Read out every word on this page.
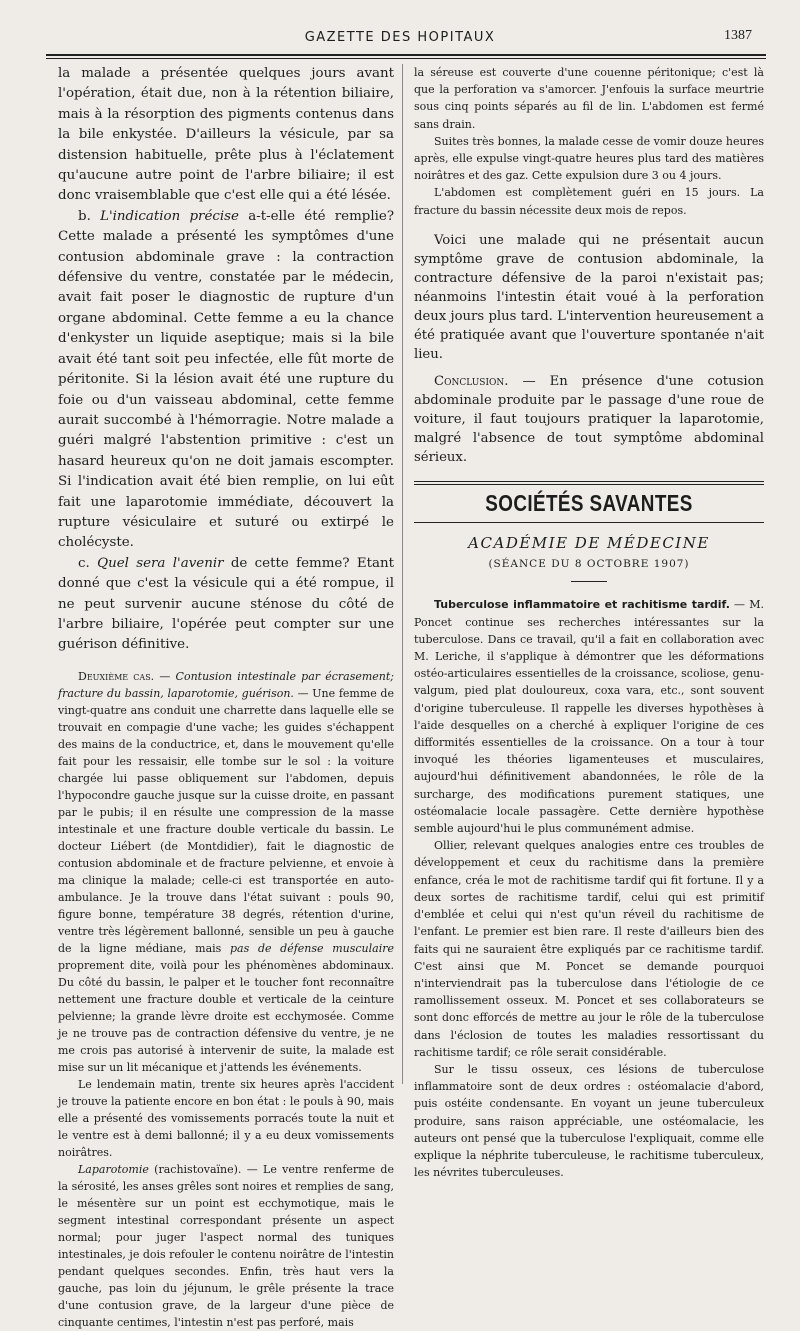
GAZETTE DES HOPITAUX	1387

la malade a présentée quelques jours avant l'opération, était due, non à la rétention biliaire, mais à la résorption des pigments contenus dans la bile enkystée. D'ailleurs la vésicule, par sa distension habituelle, prête plus à l'éclatement qu'aucune autre point de l'arbre biliaire; il est donc vraisemblable que c'est elle qui a été lésée.

b. L'indication précise a-t-elle été remplie? Cette malade a présenté les symptômes d'une contusion abdominale grave : la contraction défensive du ventre, constatée par le médecin, avait fait poser le diagnostic de rupture d'un organe abdominal. Cette femme a eu la chance d'enkyster un liquide aseptique; mais si la bile avait été tant soit peu infectée, elle fût morte de péritonite. Si la lésion avait été une rupture du foie ou d'un vaisseau abdominal, cette femme aurait succombé à l'hémorragie. Notre malade a guéri malgré l'abstention primitive : c'est un hasard heureux qu'on ne doit jamais escompter. Si l'indication avait été bien remplie, on lui eût fait une laparotomie immédiate, découvert la rupture vésiculaire et suturé ou extirpé le cholécyste.

c. Quel sera l'avenir de cette femme? Etant donné que c'est la vésicule qui a été rompue, il ne peut survenir aucune sténose du côté de l'arbre biliaire, l'opérée peut compter sur une guérison définitive.

Deuxième cas. — Contusion intestinale par écrasement; fracture du bassin, laparotomie, guérison. — Une femme de vingt-quatre ans conduit une charrette dans laquelle elle se trouvait en compagie d'une vache; les guides s'échappent des mains de la conductrice, et, dans le mouvement qu'elle fait pour les ressaisir, elle tombe sur le sol : la voiture chargée lui passe obliquement sur l'abdomen, depuis l'hypocondre gauche jusque sur la cuisse droite, en passant par le pubis; il en résulte une compression de la masse intestinale et une fracture double verticale du bassin. Le docteur Liébert (de Montdidier), fait le diagnostic de contusion abdominale et de fracture pelvienne, et envoie à ma clinique la malade; celle-ci est transportée en auto-ambulance. Je la trouve dans l'état suivant : pouls 90, figure bonne, température 38 degrés, rétention d'urine, ventre très légèrement ballonné, sensible un peu à gauche de la ligne médiane, mais pas de défense musculaire proprement dite, voilà pour les phénomènes abdominaux. Du côté du bassin, le palper et le toucher font reconnaître nettement une fracture double et verticale de la ceinture pelvienne; la grande lèvre droite est ecchymosée. Comme je ne trouve pas de contraction défensive du ventre, je ne me crois pas autorisé à intervenir de suite, la malade est mise sur un lit mécanique et j'attends les événements.

Le lendemain matin, trente six heures après l'accident je trouve la patiente encore en bon état : le pouls à 90, mais elle a présenté des vomissements porracés toute la nuit et le ventre est à demi ballonné; il y a eu deux vomissements noirâtres.

Laparotomie (rachistovaïne). — Le ventre renferme de la sérosité, les anses grêles sont noires et remplies de sang, le mésentère sur un point est ecchymotique, mais le segment intestinal correspondant présente un aspect normal; pour juger l'aspect normal des tuniques intestinales, je dois refouler le contenu noirâtre de l'intestin pendant quelques secondes. Enfin, très haut vers la gauche, pas loin du jéjunum, le grêle présente la trace d'une contusion grave, de la largeur d'une pièce de cinquante centimes, l'intestin n'est pas perforé, mais

la séreuse est couverte d'une couenne péritonique; c'est là que la perforation va s'amorcer. J'enfouis la surface meurtrie sous cinq points séparés au fil de lin. L'abdomen est fermé sans drain.

Suites très bonnes, la malade cesse de vomir douze heures après, elle expulse vingt-quatre heures plus tard des matières noirâtres et des gaz. Cette expulsion dure 3 ou 4 jours.

L'abdomen est complètement guéri en 15 jours. La fracture du bassin nécessite deux mois de repos.

Voici une malade qui ne présentait aucun symptôme grave de contusion abdominale, la contracture défensive de la paroi n'existait pas; néanmoins l'intestin était voué à la perforation deux jours plus tard. L'intervention heureusement a été pratiquée avant que l'ouverture spontanée n'ait lieu.

Conclusion. — En présence d'une cotusion abdominale produite par le passage d'une roue de voiture, il faut toujours pratiquer la laparotomie, malgré l'absence de tout symptôme abdominal sérieux.

SOCIÉTÉS SAVANTES
ACADÉMIE DE MÉDECINE
(SÉANCE DU 8 OCTOBRE 1907)

Tuberculose inflammatoire et rachitisme tardif. — M. Poncet continue ses recherches intéressantes sur la tuberculose. Dans ce travail, qu'il a fait en collaboration avec M. Leriche, il s'applique à démontrer que les déformations ostéo-articulaires essentielles de la croissance, scoliose, genu-valgum, pied plat douloureux, coxa vara, etc., sont souvent d'origine tuberculeuse. Il rappelle les diverses hypothèses à l'aide desquelles on a cherché à expliquer l'origine de ces difformités essentielles de la croissance. On a tour à tour invoqué les théories ligamenteuses et musculaires, aujourd'hui définitivement abandonnées, le rôle de la surcharge, des modifications purement statiques, une ostéomalacie locale passagère. Cette dernière hypothèse semble aujourd'hui le plus communément admise.

Ollier, relevant quelques analogies entre ces troubles de développement et ceux du rachitisme dans la première enfance, créa le mot de rachitisme tardif qui fit fortune. Il y a deux sortes de rachitisme tardif, celui qui est primitif d'emblée et celui qui n'est qu'un réveil du rachitisme de l'enfant. Le premier est bien rare. Il reste d'ailleurs bien des faits qui ne sauraient être expliqués par ce rachitisme tardif. C'est ainsi que M. Poncet se demande pourquoi n'interviendrait pas la tuberculose dans l'étiologie de ce ramollissement osseux. M. Poncet et ses collaborateurs se sont donc efforcés de mettre au jour le rôle de la tuberculose dans l'éclosion de toutes les maladies ressortissant du rachitisme tardif; ce rôle serait considérable.

Sur le tissu osseux, ces lésions de tuberculose inflammatoire sont de deux ordres : ostéomalacie d'abord, puis ostéite condensante. En voyant un jeune tuberculeux produire, sans raison appréciable, une ostéomalacie, les auteurs ont pensé que la tuberculose l'expliquait, comme elle explique la néphrite tuberculeuse, le rachitisme tuberculeux, les névrites tuberculeuses.
